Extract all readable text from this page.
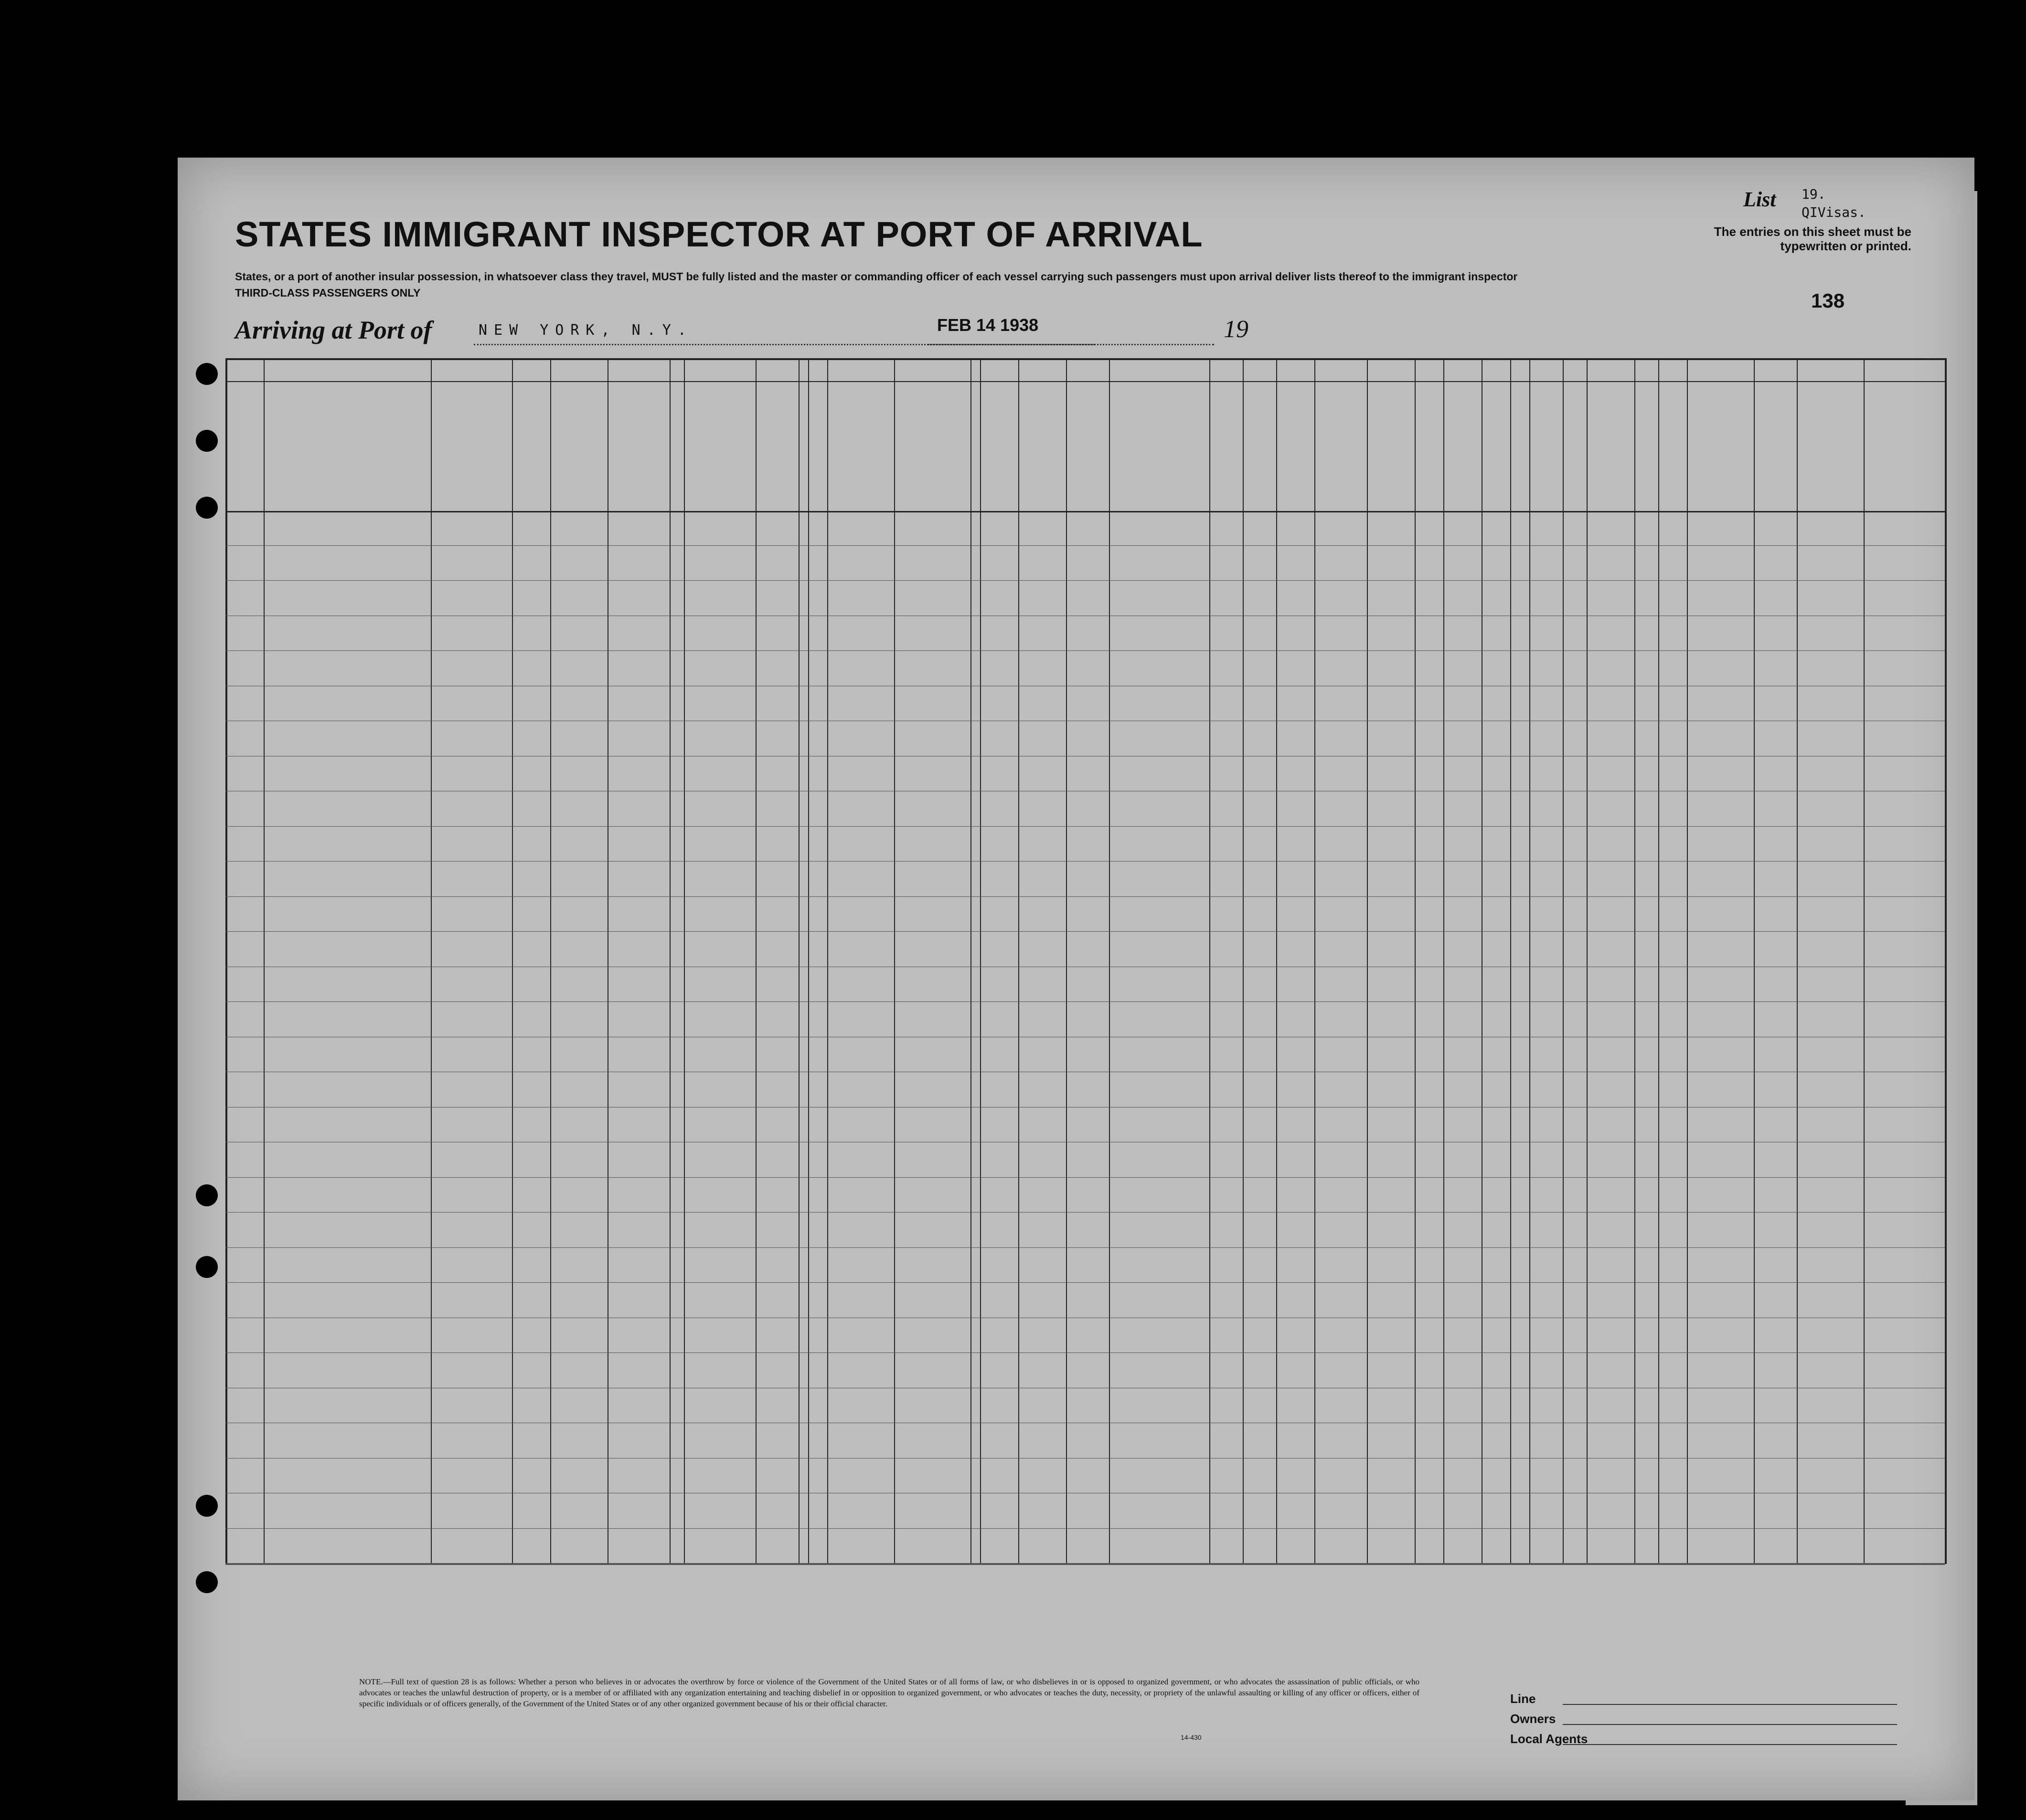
STATES IMMIGRANT INSPECTOR AT PORT OF ARRIVAL
States, or a port of another insular possession, in whatsoever class they travel, MUST be fully listed and the master or commanding officer of each vessel carrying such passengers must upon arrival deliver lists thereof to the immigrant inspector
THIRD-CLASS PASSENGERS ONLY
Arriving at Port of	NEW YORK, N.Y.	FEB 14 1938	19
List 19.
QIVisas.
The entries on this sheet must be typewritten or printed.
138
NOTE.—Full text of question 28 is as follows: Whether a person who believes in or advocates the overthrow by force or violence of the Government of the United States or of all forms of law, or who disbelieves in or is opposed to organized government, or who advocates the assassination of public officials, or who advocates or teaches the unlawful destruction of property, or is a member of or affiliated with any organization entertaining and teaching disbelief in or opposition to organized government, or who advocates or teaches the duty, necessity, or propriety of the unlawful assaulting or killing of any officer or officers, either of specific individuals or of officers generally, of the Government of the United States or of any other organized government because of his or their official character.
14-430
Line
Owners
Local Agents
